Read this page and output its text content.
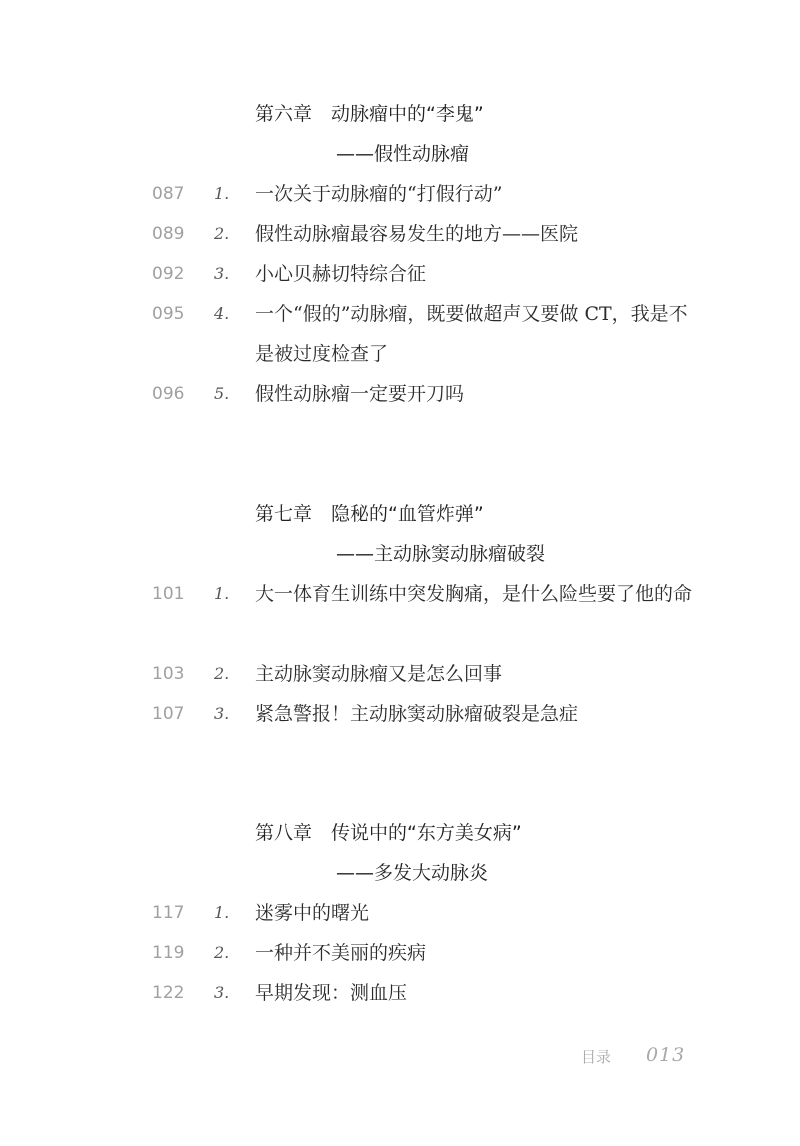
第六章　动脉瘤中的“李鬼”
——假性动脉瘤
087 1. 一次关于动脉瘤的“打假行动”
089 2. 假性动脉瘤最容易发生的地方——医院
092 3. 小心贝赫切特综合征
095 4. 一个“假的”动脉瘤，既要做超声又要做 CT，我是不是被过度检查了
096 5. 假性动脉瘤一定要开刀吗
第七章　隐秘的“血管炸弹”
——主动脉窦动脉瘤破裂
101 1. 大一体育生训练中突发胸痛，是什么险些要了他的命
103 2. 主动脉窦动脉瘤又是怎么回事
107 3. 紧急警报！主动脉窦动脉瘤破裂是急症
第八章　传说中的“东方美女病”
——多发大动脉炎
117 1. 迷雾中的曙光
119 2. 一种并不美丽的疾病
122 3. 早期发现：测血压
目录 013
